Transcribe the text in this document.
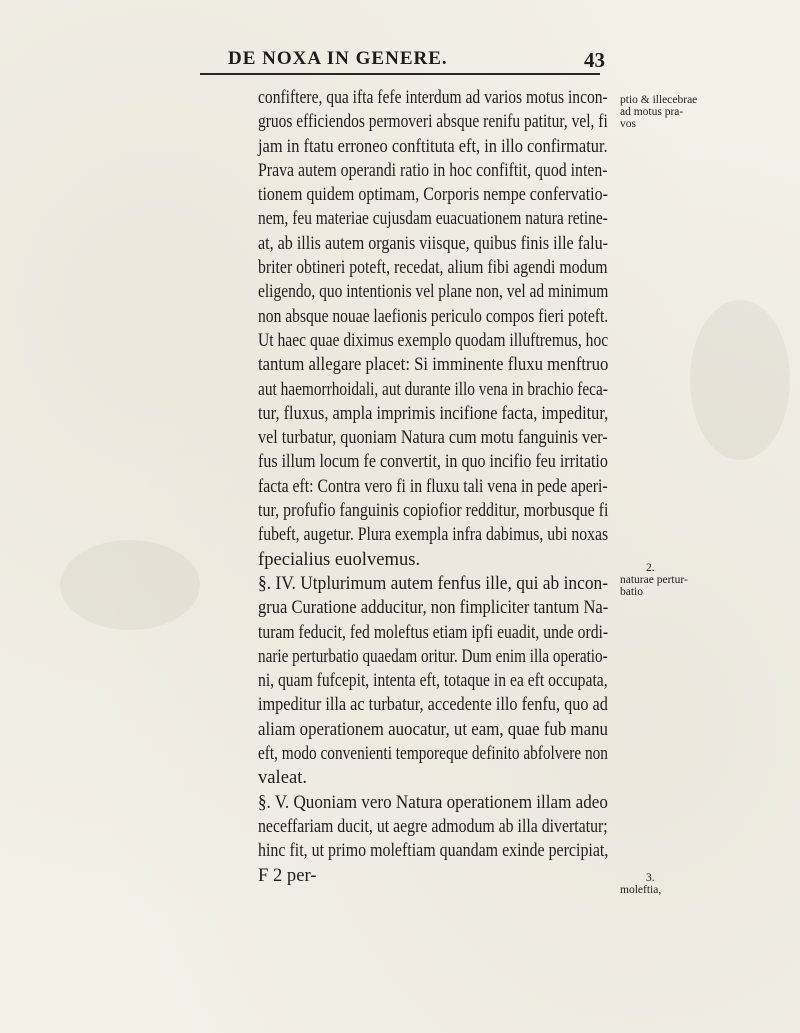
DE NOXA IN GENERE.	43
confiftere, qua ifta fefe interdum ad varios motus incon-
gruos efficiendos permoveri absque renifu patitur, vel, fi
jam in ftatu erroneo conftituta eft, in illo confirmatur.
Prava autem operandi ratio in hoc confiftit, quod inten-
tionem quidem optimam, Corporis nempe confervatio-
nem, feu materiae cujusdam euacuationem natura retine-
at, ab illis autem organis viisque, quibus finis ille falu-
briter obtineri poteft, recedat, alium fibi agendi modum
eligendo, quo intentionis vel plane non, vel ad minimum
non absque nouae laefionis periculo compos fieri poteft.
Ut haec quae diximus exemplo quodam illuftremus, hoc
tantum allegare placet: Si imminente fluxu menftruo
aut haemorrhoidali, aut durante illo vena in brachio feca-
tur, fluxus, ampla imprimis incifione facta, impeditur,
vel turbatur, quoniam Natura cum motu fanguinis ver-
fus illum locum fe convertit, in quo incifio feu irritatio
facta eft: Contra vero fi in fluxu tali vena in pede aperi-
tur, profufio fanguinis copiofior redditur, morbusque fi
fubeft, augetur. Plura exempla infra dabimus, ubi noxas
fpecialius euolvemus.
§. IV. Utplurimum autem fenfus ille, qui ab incon-
grua Curatione adducitur, non fimpliciter tantum Na-
turam feducit, fed moleftus etiam ipfi euadit, unde ordi-
narie perturbatio quaedam oritur. Dum enim illa operatio-
ni, quam fufcepit, intenta eft, totaque in ea eft occupata,
impeditur illa ac turbatur, accedente illo fenfu, quo ad
aliam operationem auocatur, ut eam, quae fub manu
eft, modo convenienti temporeque definito abfolvere non
valeat.
§. V. Quoniam vero Natura operationem illam adeo
neceffariam ducit, ut aegre admodum ab illa divertatur;
hinc fit, ut primo moleftiam quandam exinde percipiat,
F 2 per-
ptio & illecebrae
ad motus pra-
vos
2.
naturae pertur-
batio
3.
moleftia,
